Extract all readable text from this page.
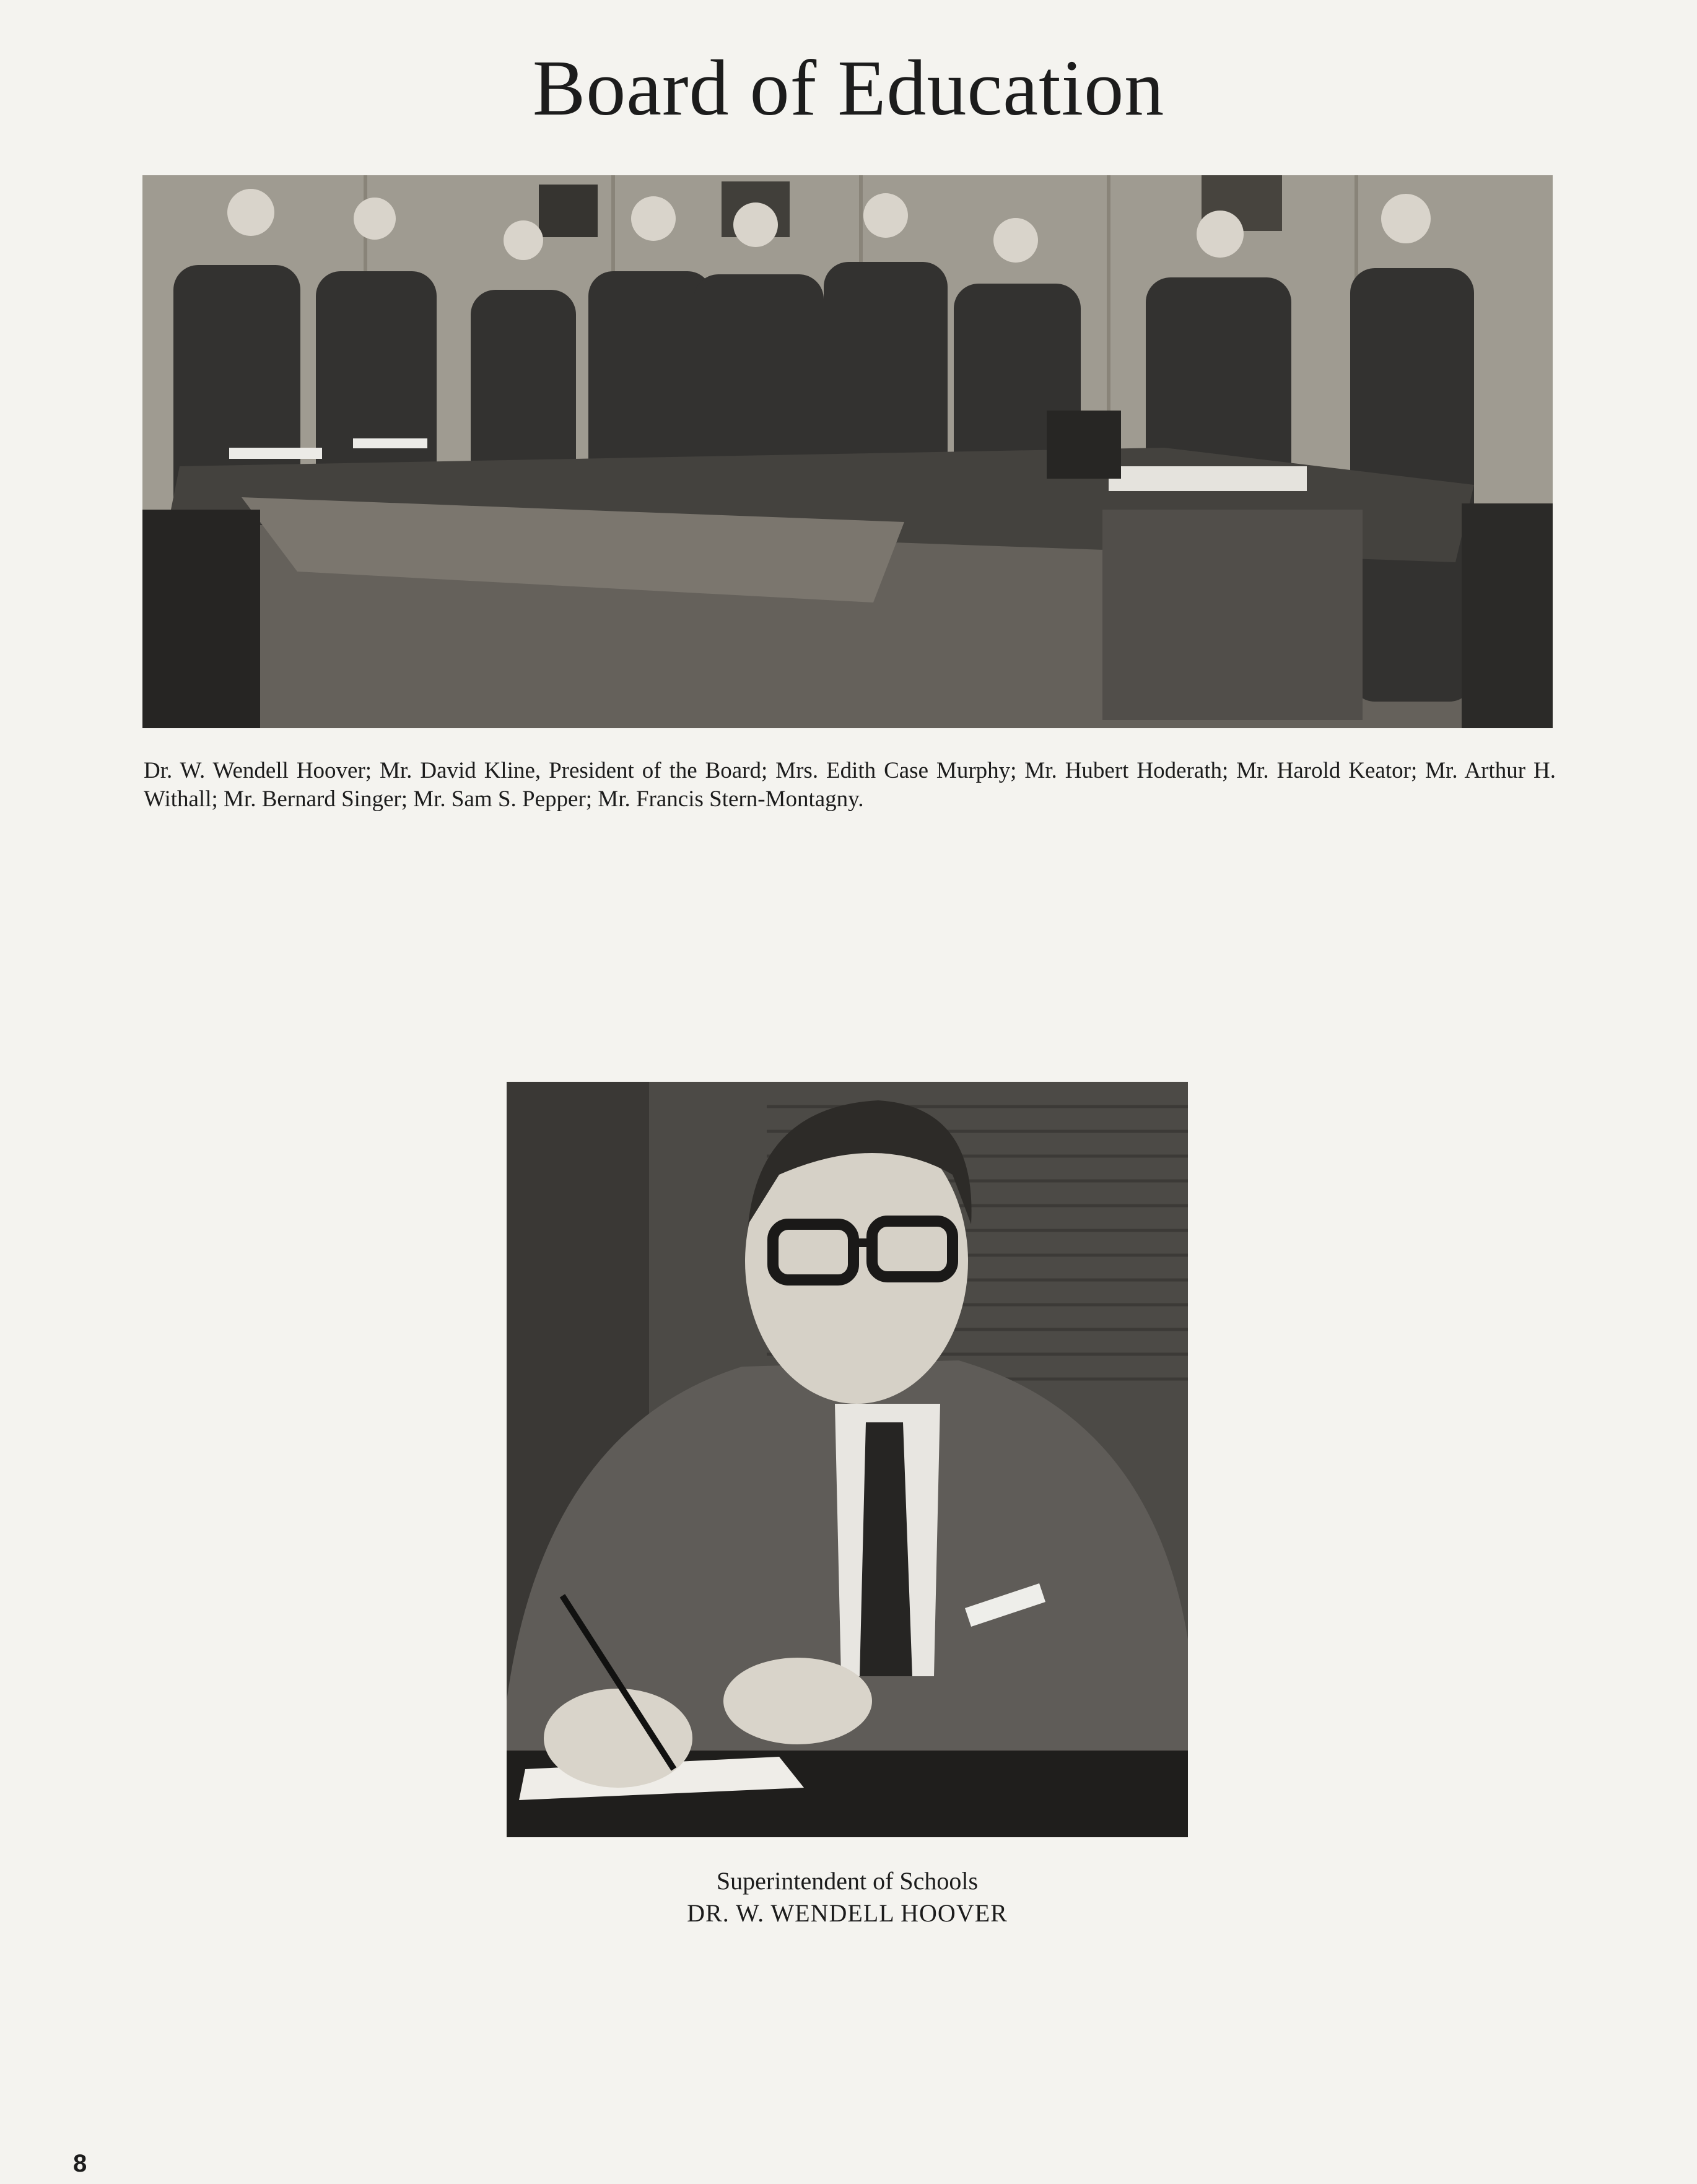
Board of Education

Dr. W. Wendell Hoover; Mr. David Kline, President of the Board; Mrs. Edith Case Murphy; Mr. Hubert Hoderath; Mr. Harold Keator; Mr. Arthur H. Withall; Mr. Bernard Singer; Mr. Sam S. Pepper; Mr. Francis Stern-Montagny.

Superintendent of Schools
DR. W. WENDELL HOOVER
8
